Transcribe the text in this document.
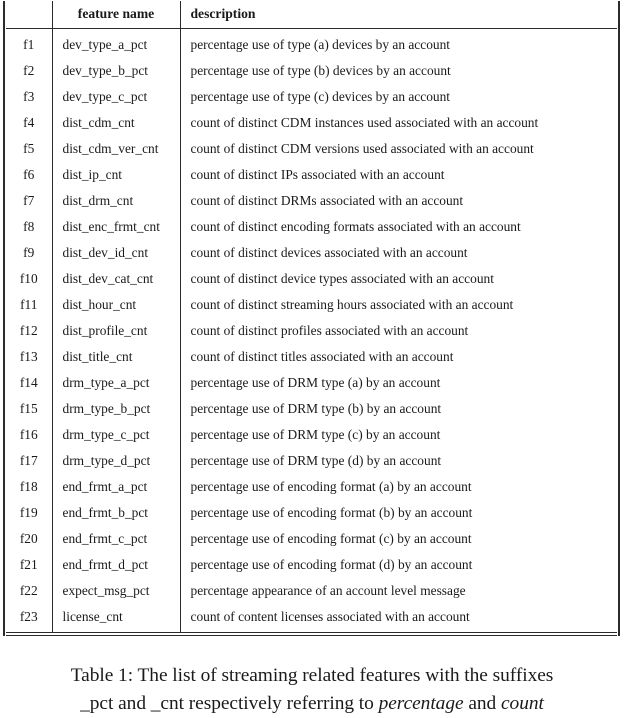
	feature name	description
f1	dev_type_a_pct	percentage use of type (a) devices by an account
f2	dev_type_b_pct	percentage use of type (b) devices by an account
f3	dev_type_c_pct	percentage use of type (c) devices by an account
f4	dist_cdm_cnt	count of distinct CDM instances used associated with an account
f5	dist_cdm_ver_cnt	count of distinct CDM versions used associated with an account
f6	dist_ip_cnt	count of distinct IPs associated with an account
f7	dist_drm_cnt	count of distinct DRMs associated with an account
f8	dist_enc_frmt_cnt	count of distinct encoding formats associated with an account
f9	dist_dev_id_cnt	count of distinct devices associated with an account
f10	dist_dev_cat_cnt	count of distinct device types associated with an account
f11	dist_hour_cnt	count of distinct streaming hours associated with an account
f12	dist_profile_cnt	count of distinct profiles associated with an account
f13	dist_title_cnt	count of distinct titles associated with an account
f14	drm_type_a_pct	percentage use of DRM type (a) by an account
f15	drm_type_b_pct	percentage use of DRM type (b) by an account
f16	drm_type_c_pct	percentage use of DRM type (c) by an account
f17	drm_type_d_pct	percentage use of DRM type (d) by an account
f18	end_frmt_a_pct	percentage use of encoding format (a) by an account
f19	end_frmt_b_pct	percentage use of encoding format (b) by an account
f20	end_frmt_c_pct	percentage use of encoding format (c) by an account
f21	end_frmt_d_pct	percentage use of encoding format (d) by an account
f22	expect_msg_pct	percentage appearance of an account level message
f23	license_cnt	count of content licenses associated with an account
Table 1: The list of streaming related features with the suffixes
_pct and _cnt respectively referring to percentage and count
